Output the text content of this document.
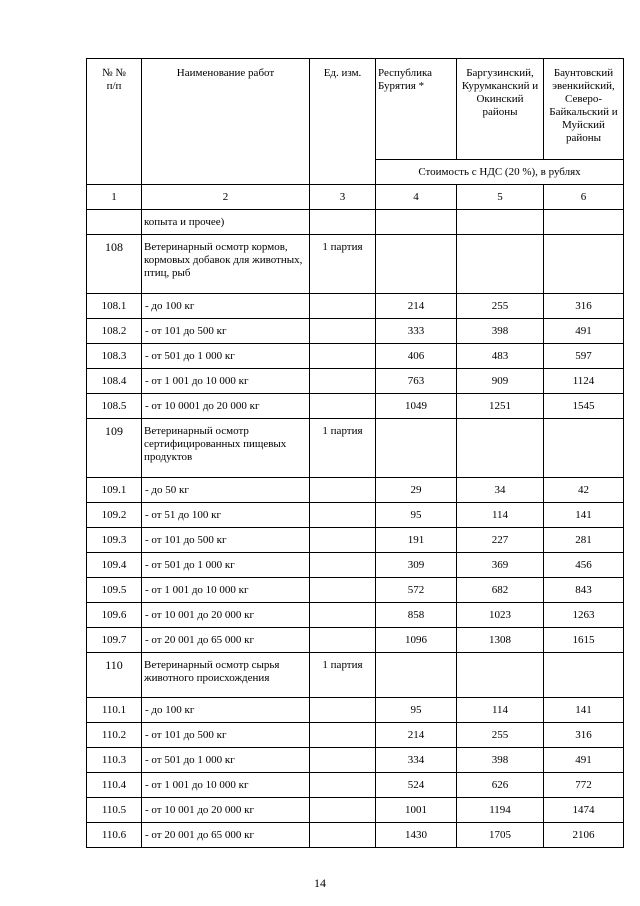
№ №
п/п	Наименование работ	Ед. изм.	Республика Бурятия *	Баргузинский, Курумканский и Окинский районы	Баунтовский эвенкийский, Северо-Байкальский и Муйский районы
			Стоимость с НДС (20 %), в рублях		
1	2	3	4	5	6
	копыта и прочее)				
108	Ветеринарный осмотр кормов, кормовых добавок для животных, птиц, рыб	1 партия			
108.1	- до 100 кг		214	255	316
108.2	- от 101 до 500 кг		333	398	491
108.3	- от 501 до 1 000 кг		406	483	597
108.4	- от 1 001 до 10 000 кг		763	909	1124
108.5	- от 10 0001 до 20 000 кг		1049	1251	1545
109	Ветеринарный осмотр сертифицированных пищевых продуктов	1 партия			
109.1	- до 50 кг		29	34	42
109.2	- от 51 до 100 кг		95	114	141
109.3	- от 101 до 500 кг		191	227	281
109.4	- от 501 до 1 000 кг		309	369	456
109.5	- от 1 001 до 10 000 кг		572	682	843
109.6	- от 10 001 до 20 000 кг		858	1023	1263
109.7	- от 20 001 до 65 000 кг		1096	1308	1615
110	Ветеринарный осмотр сырья животного происхождения	1 партия			
110.1	- до 100 кг		95	114	141
110.2	- от 101 до 500 кг		214	255	316
110.3	- от 501 до 1 000 кг		334	398	491
110.4	- от 1 001 до 10 000 кг		524	626	772
110.5	- от 10 001 до 20 000 кг		1001	1194	1474
110.6	- от 20 001 до 65 000 кг		1430	1705	2106
14
